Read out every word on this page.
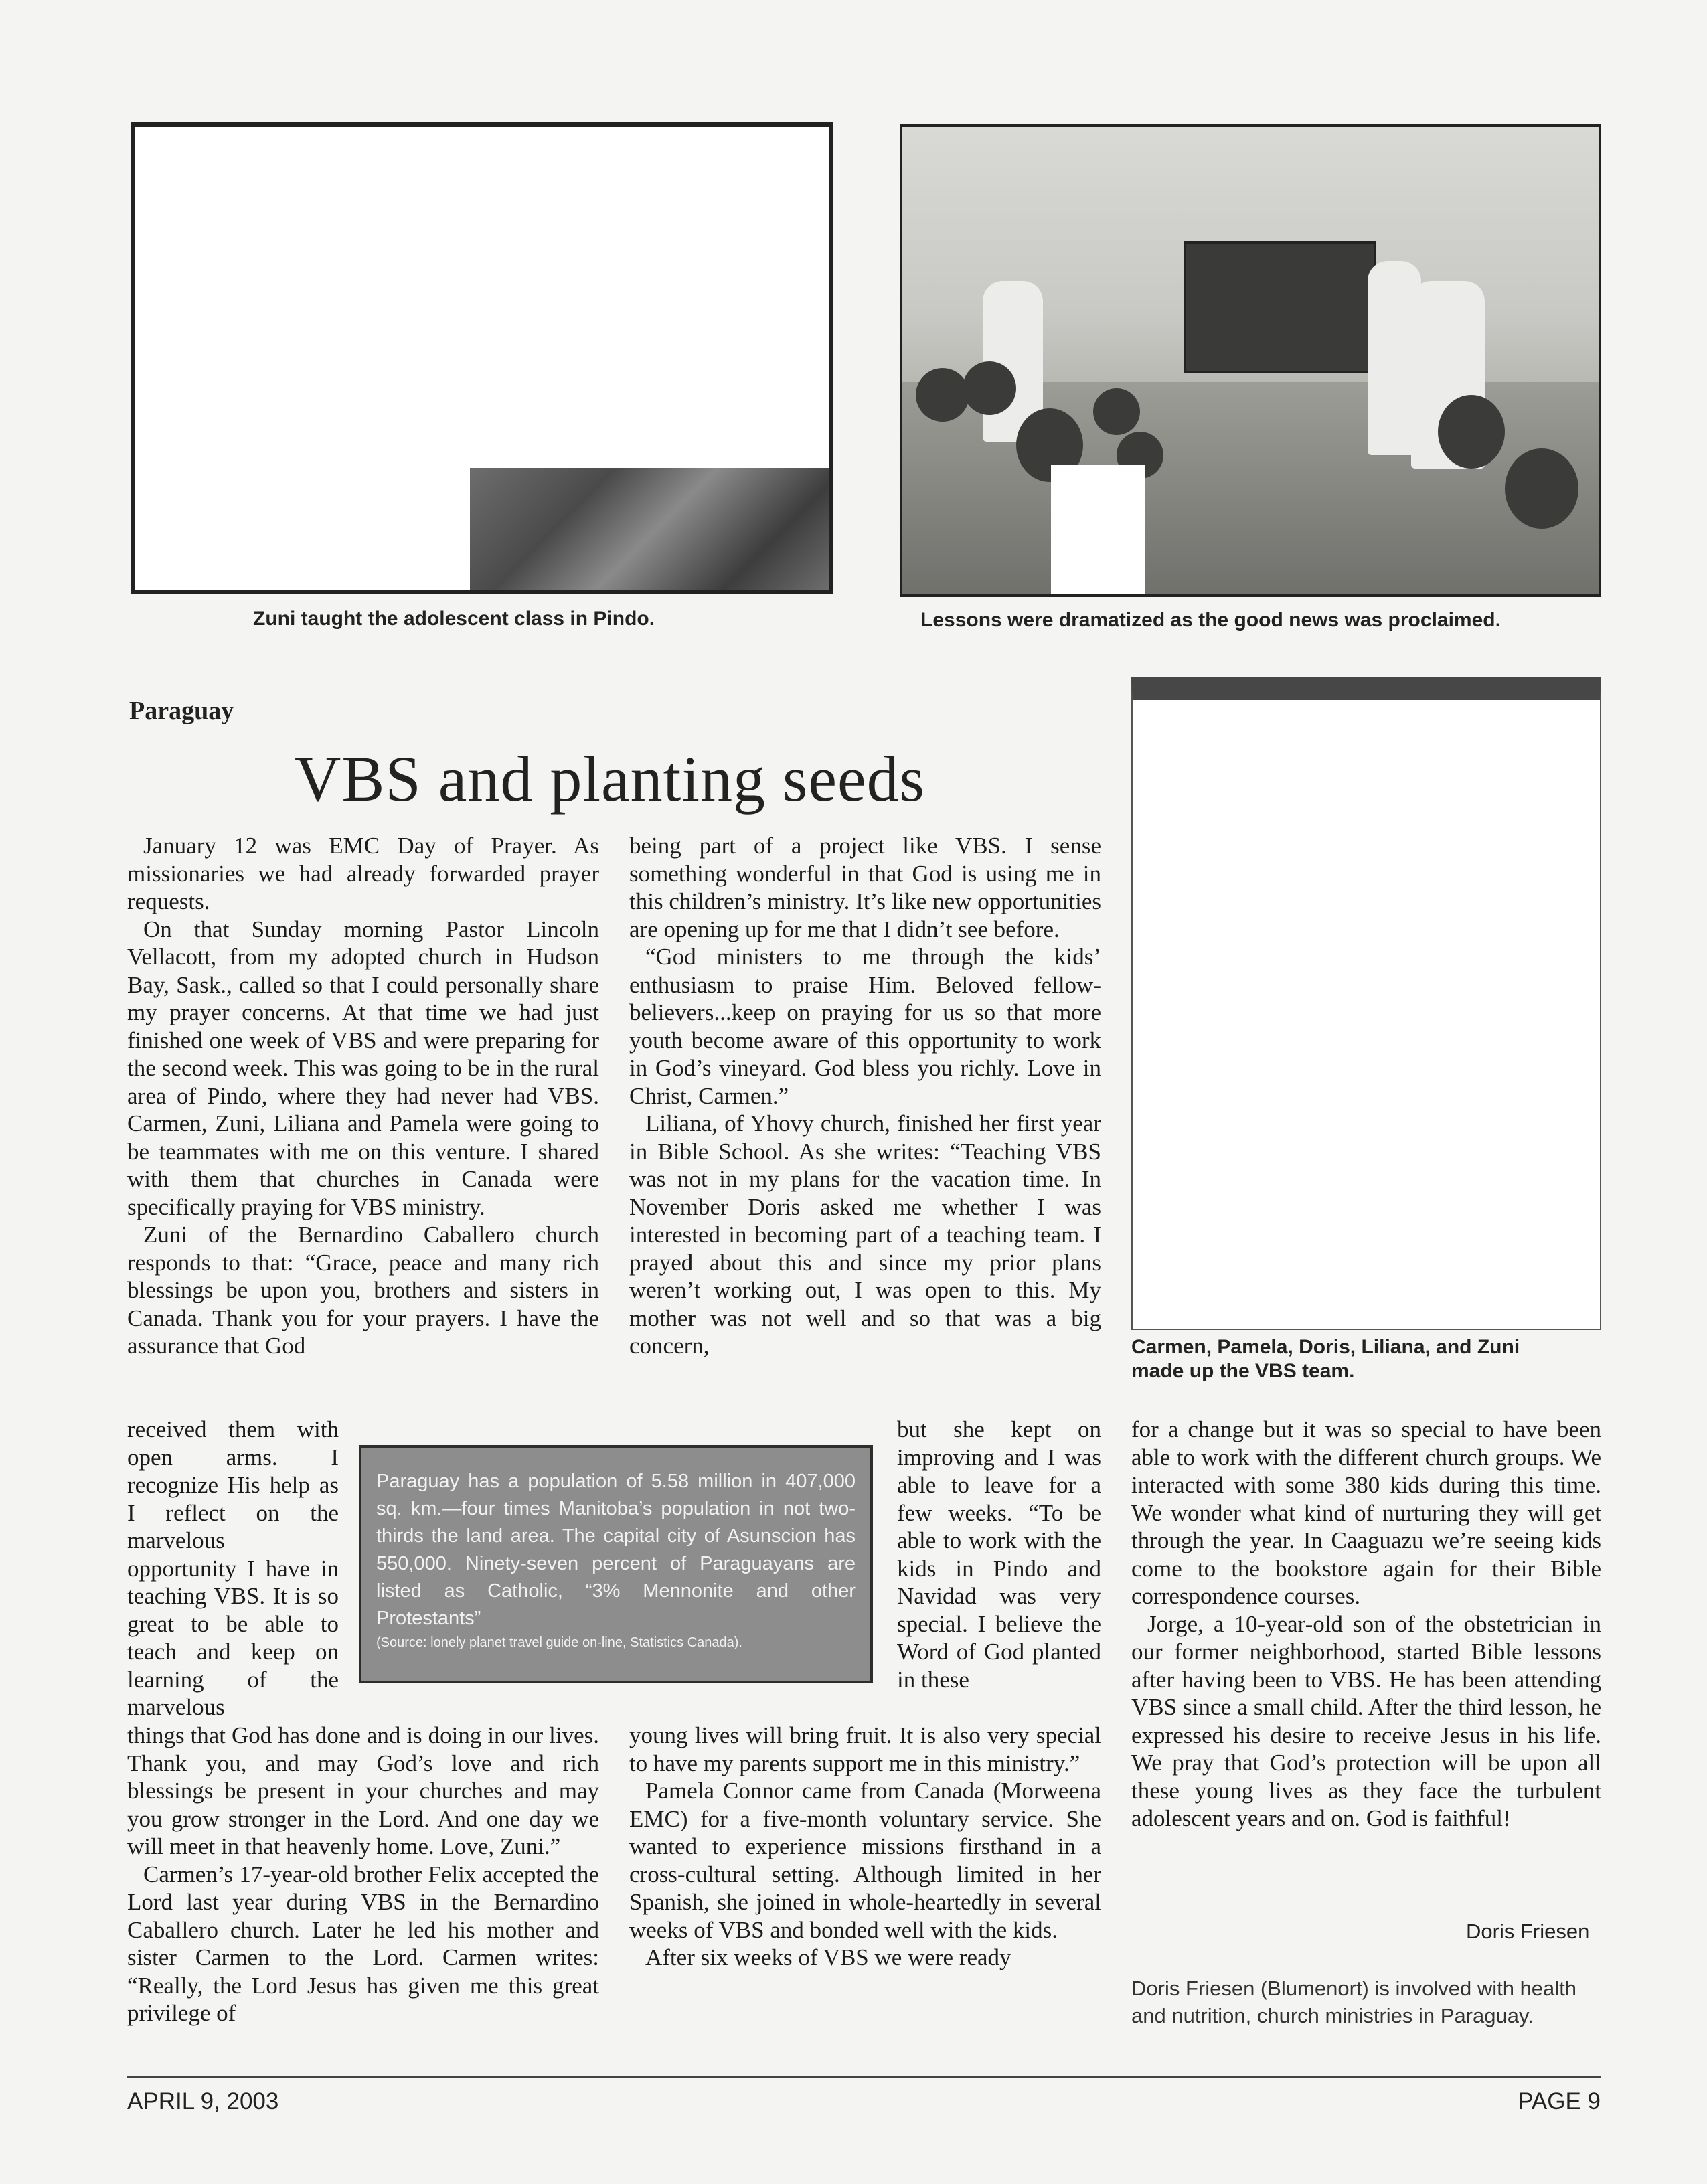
Zuni taught the adolescent class in Pindo.	Lessons were dramatized as the good news was proclaimed.
Carmen, Pamela, Doris, Liliana, and Zuni
made up the VBS team.
Paraguay
VBS and planting seeds

January 12 was EMC Day of Prayer. As missionaries we had already forwarded prayer requests.

On that Sunday morning Pastor Lincoln Vellacott, from my adopted church in Hudson Bay, Sask., called so that I could personally share my prayer concerns. At that time we had just finished one week of VBS and were preparing for the second week. This was going to be in the rural area of Pindo, where they had never had VBS. Carmen, Zuni, Liliana and Pamela were going to be teammates with me on this venture. I shared with them that churches in Canada were specifically praying for VBS ministry.

Zuni of the Bernardino Caballero church responds to that: “Grace, peace and many rich blessings be upon you, brothers and sisters in Canada. Thank you for your prayers. I have the assurance that God

being part of a project like VBS. I sense something wonderful in that God is using me in this children’s ministry. It’s like new opportunities are opening up for me that I didn’t see before.

“God ministers to me through the kids’ enthusiasm to praise Him. Beloved fellow-believers...keep on praying for us so that more youth become aware of this opportunity to work in God’s vineyard. God bless you richly. Love in Christ, Carmen.”

Liliana, of Yhovy church, finished her first year in Bible School. As she writes: “Teaching VBS was not in my plans for the vacation time. In November Doris asked me whether I was interested in becoming part of a teaching team. I prayed about this and since my prior plans weren’t working out, I was open to this. My mother was not well and so that was a big concern,

received them with open arms. I recognize His help as I reflect on the marvelous opportunity I have in teaching VBS. It is so great to be able to teach and keep on learning of the marvelous

but she kept on improving and I was able to leave for a few weeks. “To be able to work with the kids in Pindo and Navidad was very special. I believe the Word of God planted in these

Paraguay has a population of 5.58 million in 407,000 sq. km.—four times Manitoba’s population in not two-thirds the land area. The capital city of Asunscion has 550,000. Ninety-seven percent of Paraguayans are listed as Catholic, “3% Mennonite and other Protestants”
(Source: lonely planet travel guide on-line, Statistics Canada).

things that God has done and is doing in our lives. Thank you, and may God’s love and rich blessings be present in your churches and may you grow stronger in the Lord. And one day we will meet in that heavenly home. Love, Zuni.”

Carmen’s 17-year-old brother Felix accepted the Lord last year during VBS in the Bernardino Caballero church. Later he led his mother and sister Carmen to the Lord. Carmen writes: “Really, the Lord Jesus has given me this great privilege of

young lives will bring fruit. It is also very special to have my parents support me in this ministry.”

Pamela Connor came from Canada (Morweena EMC) for a five-month voluntary service. She wanted to experience missions firsthand in a cross-cultural setting. Although limited in her Spanish, she joined in whole-heartedly in several weeks of VBS and bonded well with the kids.

After six weeks of VBS we were ready

for a change but it was so special to have been able to work with the different church groups. We interacted with some 380 kids during this time. We wonder what kind of nurturing they will get through the year. In Caaguazu we’re seeing kids come to the bookstore again for their Bible correspondence courses.

Jorge, a 10-year-old son of the obstetrician in our former neighborhood, started Bible lessons after having been to VBS. He has been attending VBS since a small child. After the third lesson, he expressed his desire to receive Jesus in his life. We pray that God’s protection will be upon all these young lives as they face the turbulent adolescent years and on. God is faithful!

Doris Friesen
Doris Friesen (Blumenort) is involved with health and nutrition, church ministries in Paraguay.
APRIL 9, 2003	PAGE 9
